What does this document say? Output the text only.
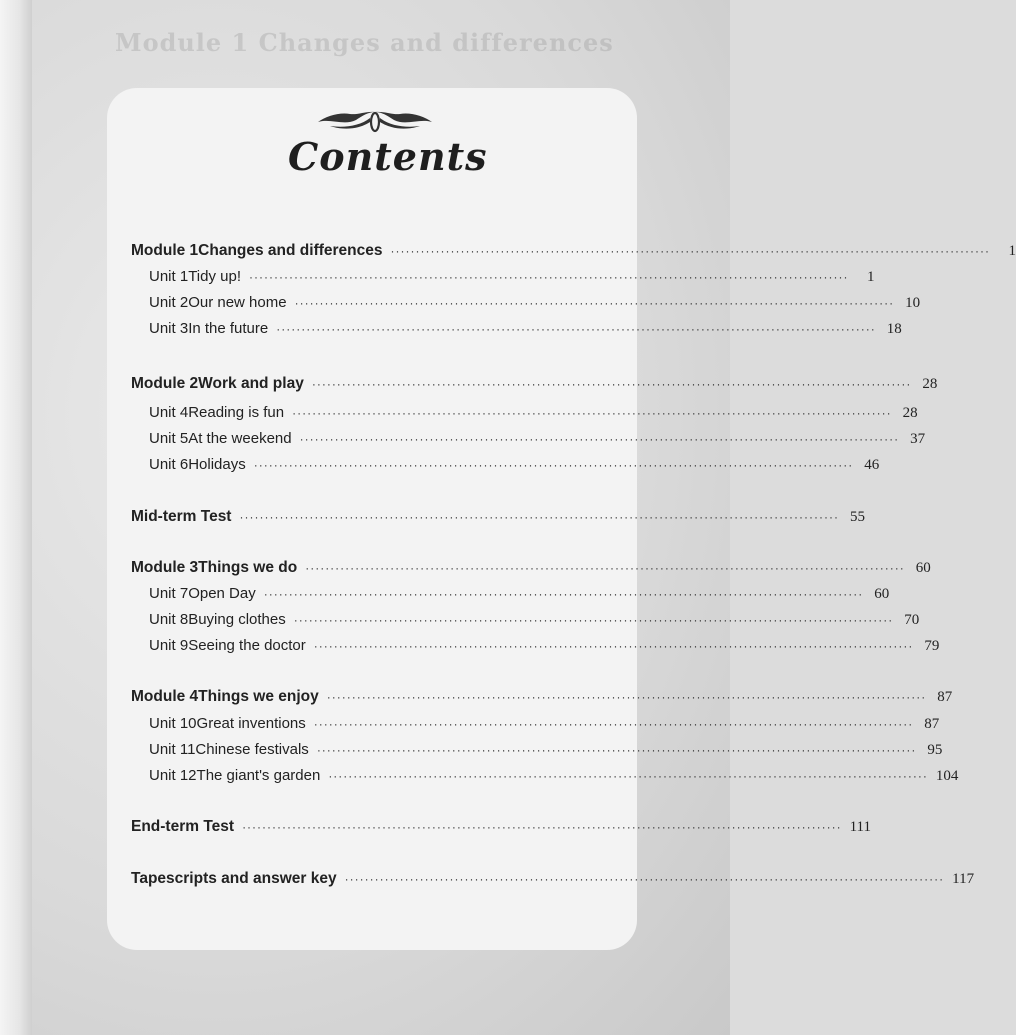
Module 1 Changes and differences
Contents
Module 1 Changes and differences ························································································································	1
Unit 1 Tidy up! ························································································································	1
Unit 2 Our new home ························································································································ 10
Unit 3 In the future ························································································································ 18
Module 2 Work and play ························································································································ 28
Unit 4 Reading is fun ························································································································ 28
Unit 5 At the weekend ························································································································ 37
Unit 6 Holidays ························································································································ 46
Mid-term Test ························································································································ 55
Module 3 Things we do ························································································································ 60
Unit 7 Open Day ························································································································ 60
Unit 8 Buying clothes ························································································································ 70
Unit 9 Seeing the doctor ························································································································ 79
Module 4 Things we enjoy ························································································································ 87
Unit 10 Great inventions ························································································································ 87
Unit 11 Chinese festivals ························································································································ 95
Unit 12 The giant's garden ························································································································ 104
End-term Test ························································································································ 111
Tapescripts and answer key ························································································································ 117
